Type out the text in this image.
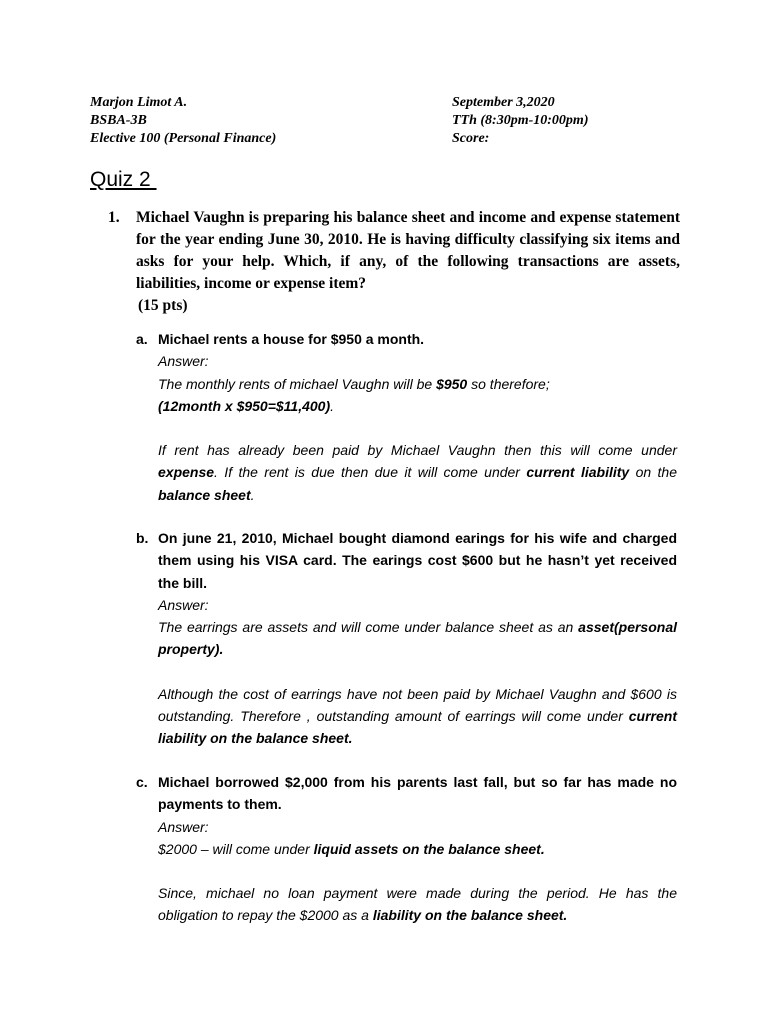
Marjon Limot A.
BSBA-3B
Elective 100 (Personal Finance)
September 3,2020
TTh (8:30pm-10:00pm)
Score:
Quiz 2
1. Michael Vaughn is preparing his balance sheet and income and expense statement for the year ending June 30, 2010. He is having difficulty classifying six items and asks for your help. Which, if any, of the following transactions are assets, liabilities, income or expense item?
(15 pts)
a. Michael rents a house for $950 a month.
Answer:
The monthly rents of michael Vaughn will be $950 so therefore;
(12month x $950=$11,400).
If rent has already been paid by Michael Vaughn then this will come under expense. If the rent is due then due it will come under current liability on the balance sheet.
b. On june 21, 2010, Michael bought diamond earings for his wife and charged them using his VISA card. The earings cost $600 but he hasn’t yet received the bill.
Answer:
The earrings are assets and will come under balance sheet as an asset(personal property).
Although the cost of earrings have not been paid by Michael Vaughn and $600 is outstanding. Therefore , outstanding amount of earrings will come under current liability on the balance sheet.
c. Michael borrowed $2,000 from his parents last fall, but so far has made no payments to them.
Answer:
$2000 – will come under liquid assets on the balance sheet.
Since, michael no loan payment were made during the period. He has the obligation to repay the $2000 as a liability on the balance sheet.
